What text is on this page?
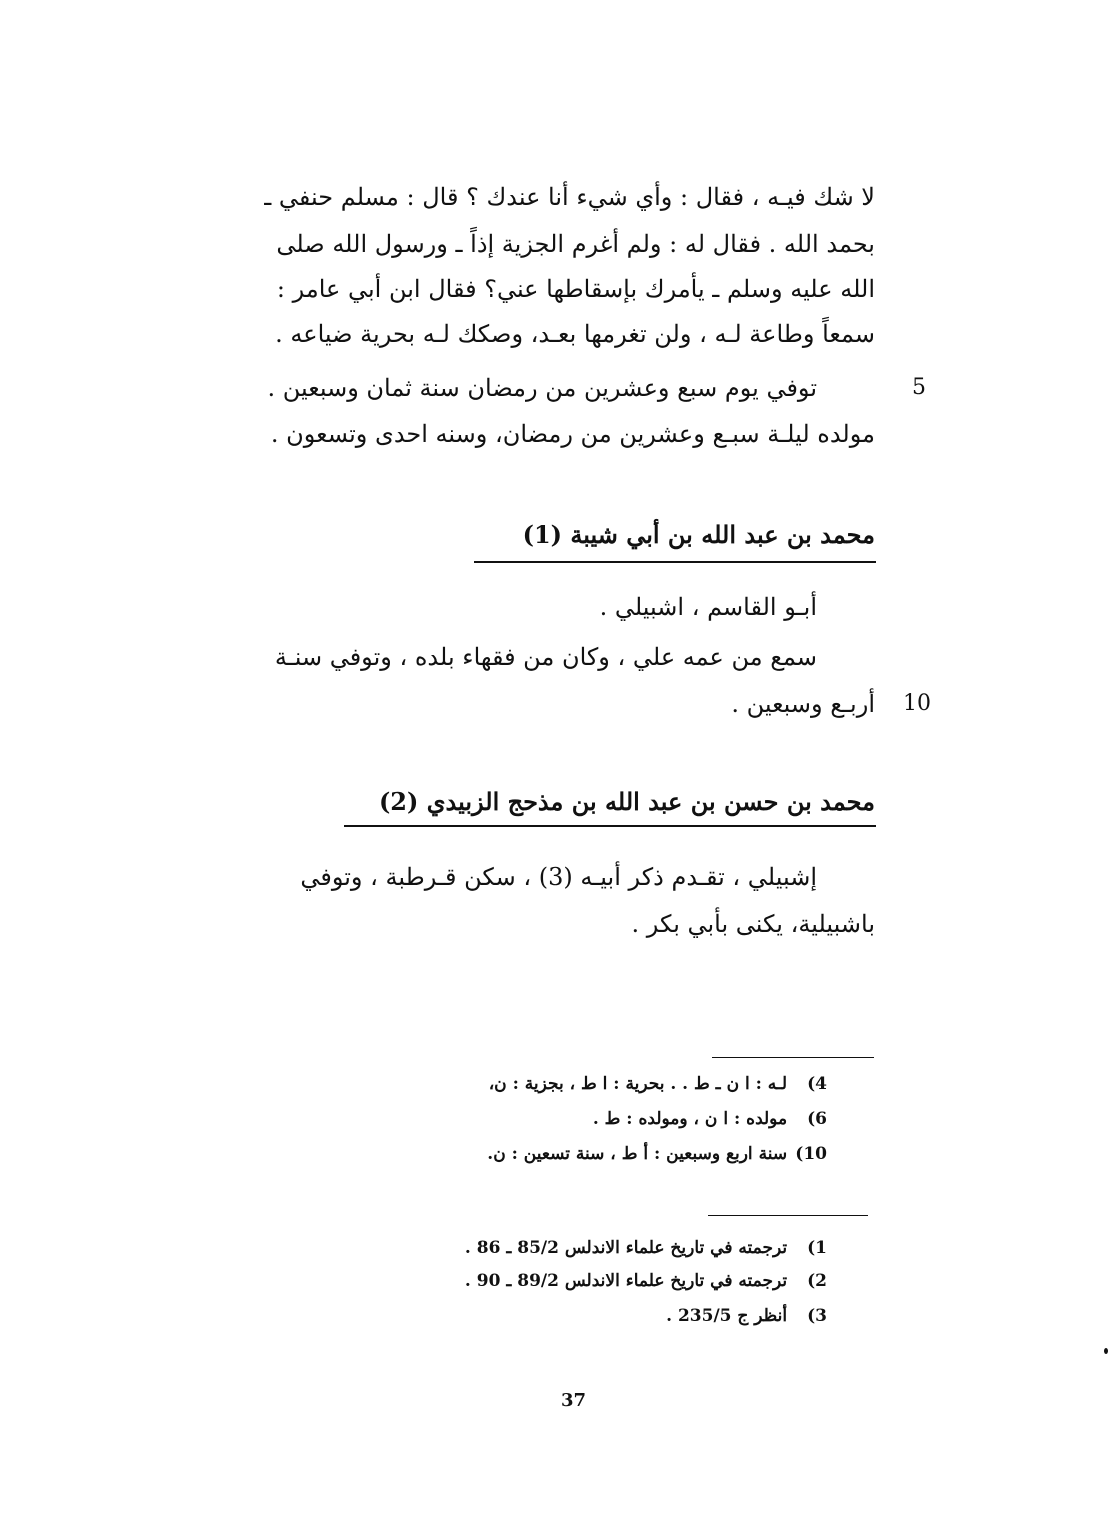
لا شك فيـه ، فقال : وأي شيء أنا عندك ؟ قال : مسلم حنفي ـ
بحمد الله . فقال له : ولم أغرم الجزية إذاً ـ ورسول الله صلى
الله عليه وسلم ـ يأمرك بإسقاطها عني؟ فقال ابن أبي عامر :
سمعاً وطاعة لـه ، ولن تغرمها بعـد، وصكك لـه بحرية ضياعه .
5
توفي يوم سبع وعشرين من رمضان سنة ثمان وسبعين .
مولده ليلـة سبـع وعشرين من رمضان، وسنه احدى وتسعون .
محمد بن عبد الله بن أبي شيبة (1)
أبـو القاسم ، اشبيلي .
سمع من عمه علي ، وكان من فقهاء بلده ، وتوفي سنـة
10
أربـع وسبعين .
محمد بن حسن بن عبد الله بن مذحج الزبيدي (2)
إشبيلي ، تقـدم ذكر أبيـه (3) ، سكن قـرطبة ، وتوفي
باشبيلية، يكنى بأبي بكر .
4) لـه : ا ن ـ ط . . بحرية : ا ط ، بجزية : ن،
6) مولده : ا ن ، ومولده : ط .
10) سنة اربع وسبعين : أ ط ، سنة تسعين : ن.
1) ترجمته في تاريخ علماء الاندلس 85/2 ـ 86 .
2) ترجمته في تاريخ علماء الاندلس 89/2 ـ 90 .
3) أنظر ج 235/5 .
37
